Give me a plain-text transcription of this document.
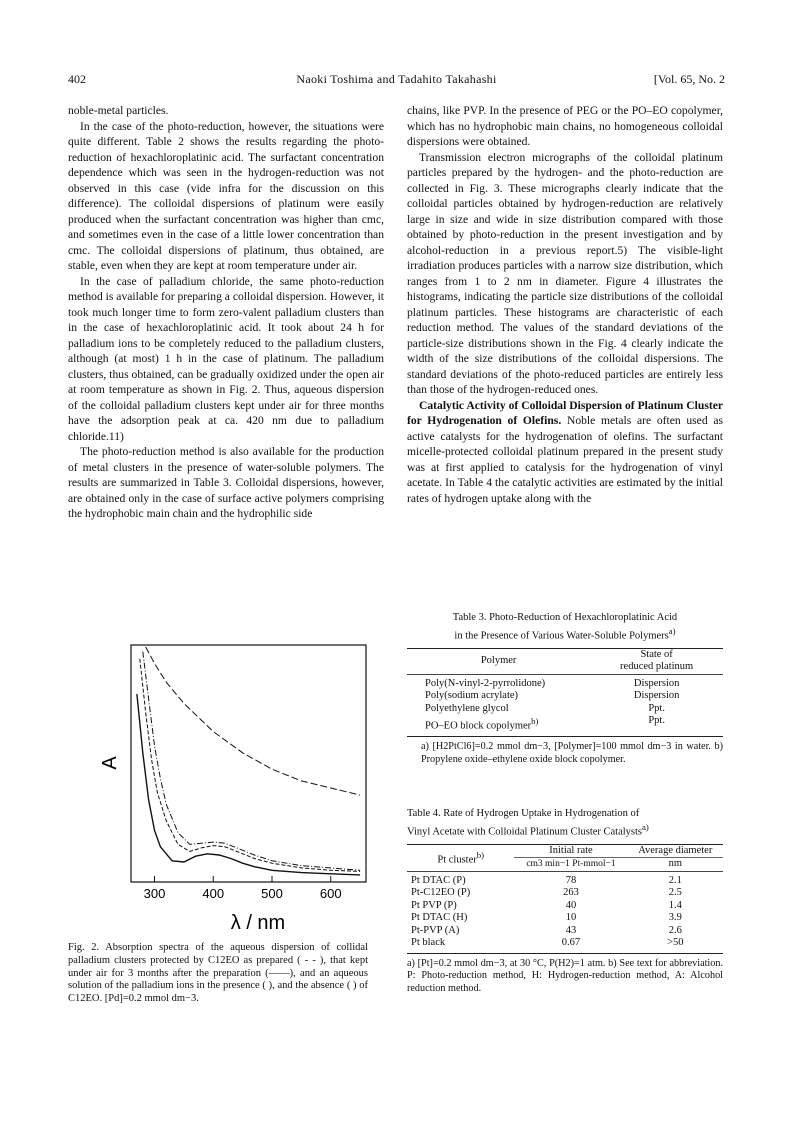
402	Naoki Toshima and Tadahito Takahashi	[Vol. 65, No. 2

noble-metal particles.

In the case of the photo-reduction, however, the situations were quite different. Table 2 shows the results regarding the photo-reduction of hexachloroplatinic acid. The surfactant concentration dependence which was seen in the hydrogen-reduction was not observed in this case (vide infra for the discussion on this difference). The colloidal dispersions of platinum were easily produced when the surfactant concentration was higher than cmc, and sometimes even in the case of a little lower concentration than cmc. The colloidal dispersions of platinum, thus obtained, are stable, even when they are kept at room temperature under air.

In the case of palladium chloride, the same photo-reduction method is available for preparing a colloidal dispersion. However, it took much longer time to form zero-valent palladium clusters than in the case of hexachloroplatinic acid. It took about 24 h for palladium ions to be completely reduced to the palladium clusters, although (at most) 1 h in the case of platinum. The palladium clusters, thus obtained, can be gradually oxidized under the open air at room temperature as shown in Fig. 2. Thus, aqueous dispersion of the colloidal palladium clusters kept under air for three months have the adsorption peak at ca. 420 nm due to palladium chloride.11)

The photo-reduction method is also available for the production of metal clusters in the presence of water-soluble polymers. The results are summarized in Table 3. Colloidal dispersions, however, are obtained only in the case of surface active polymers comprising the hydrophobic main chain and the hydrophilic side

chains, like PVP. In the presence of PEG or the PO–EO copolymer, which has no hydrophobic main chains, no homogeneous colloidal dispersions were obtained.

Transmission electron micrographs of the colloidal platinum particles prepared by the hydrogen- and the photo-reduction are collected in Fig. 3. These micrographs clearly indicate that the colloidal particles obtained by hydrogen-reduction are relatively large in size and wide in size distribution compared with those obtained by photo-reduction in the present investigation and by alcohol-reduction in a previous report.5) The visible-light irradiation produces particles with a narrow size distribution, which ranges from 1 to 2 nm in diameter. Figure 4 illustrates the histograms, indicating the particle size distributions of the colloidal platinum particles. These histograms are characteristic of each reduction method. The values of the standard deviations of the particle-size distributions shown in the Fig. 4 clearly indicate the width of the size distributions of the colloidal dispersions. The standard deviations of the photo-reduced particles are entirely less than those of the hydrogen-reduced ones.

Catalytic Activity of Colloidal Dispersion of Platinum Cluster for Hydrogenation of Olefins. Noble metals are often used as active catalysts for the hydrogenation of olefins. The surfactant micelle-protected colloidal platinum prepared in the present study was at first applied to catalysis for the hydrogenation of vinyl acetate. In Table 4 the catalytic activities are estimated by the initial rates of hydrogen uptake along with the

Table 3. Photo-Reduction of Hexachloroplatinic Acid
in the Presence of Various Water-Soluble Polymers$^{a)}$
Polymer	State of
reduced platinum
Poly(N-vinyl-2-pyrrolidone)	Dispersion
Poly(sodium acrylate)	Dispersion
Polyethylene glycol	Ppt.
PO–EO block copolymer$^{b)}$	Ppt.
a) [H2PtCl6]=0.2 mmol dm−3, [Polymer]=100 mmol dm−3 in water. b) Propylene oxide–ethylene oxide block copolymer.
Table 4. Rate of Hydrogen Uptake in Hydrogenation of
Vinyl Acetate with Colloidal Platinum Cluster Catalysts$^{a)}$
Pt cluster$^{b)}$	Initial rate	Average diameter
	cm3 min−1 Pt-mmol−1	nm
Pt DTAC (P)	78	2.1
Pt-C12EO (P)	263	2.5
Pt PVP (P)	40	1.4
Pt DTAC (H)	10	3.9
Pt-PVP (A)	43	2.6
Pt black	0.67	>50
a) [Pt]=0.2 mmol dm−3, at 30 °C, P(H2)=1 atm. b) See text for abbreviation. P: Photo-reduction method, H: Hydrogen-reduction method, A: Alcohol reduction method.
A
λ / nm
300	400	500	600
Fig. 2. Absorption spectra of the aqueous dispersion of collidal palladium clusters protected by C12EO as prepared ( - - ), that kept under air for 3 months after the preparation (——), and an aqueous solution of the palladium ions in the presence ( ), and the absence ( ) of C12EO. [Pd]=0.2 mmol dm−3.
